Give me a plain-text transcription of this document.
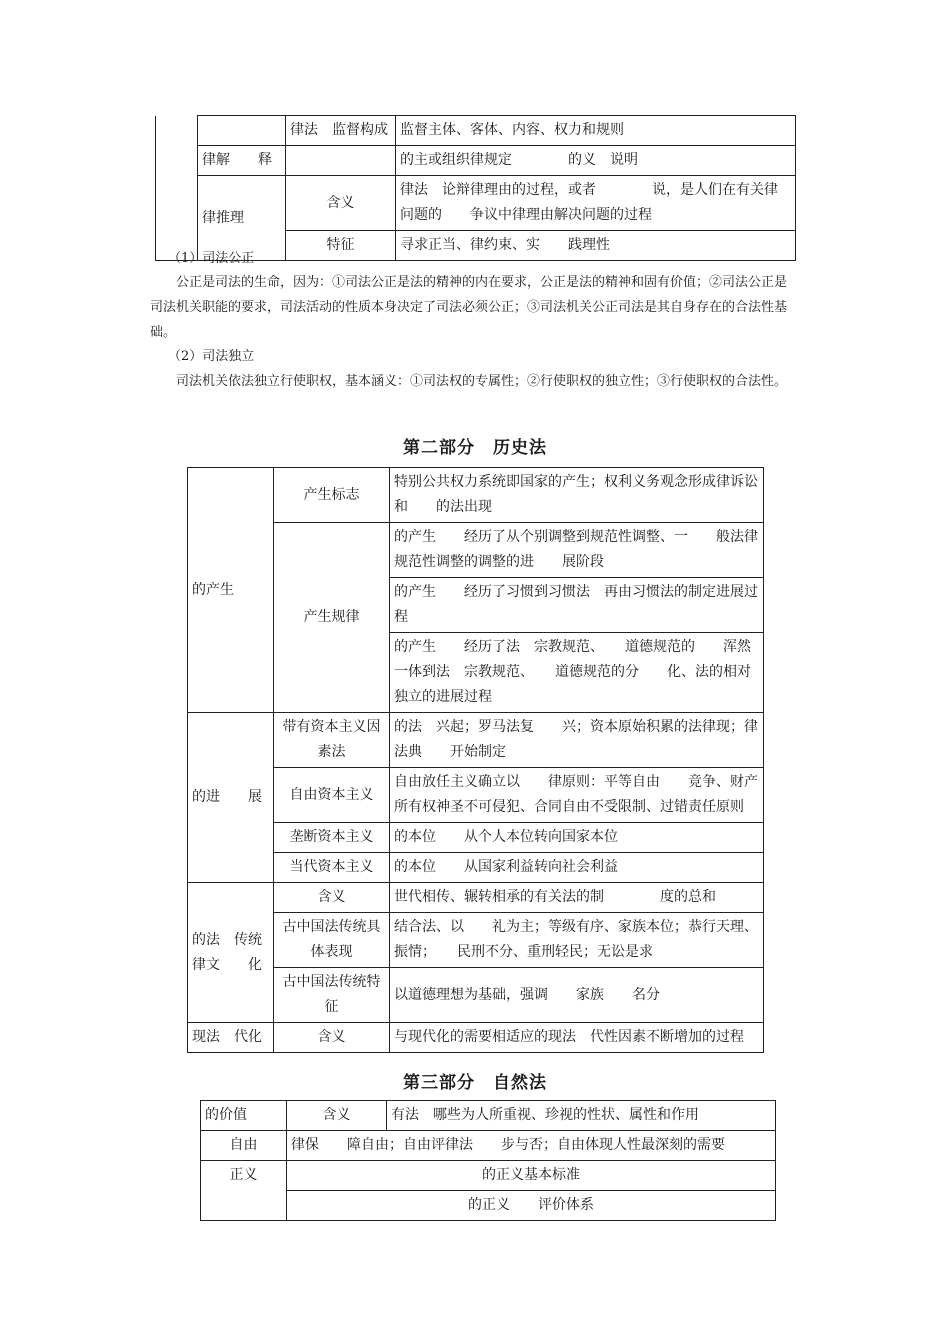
		律法　监督构成	监督主体、客体、内容、权力和规则
	律解　　释		的主或组织律规定　　　　的义　说明
	律推理	含义	律法　论辩律理由的过程，或者　　　　说，是人们在有关律问题的　　争议中律理由解决问题的过程
		特征	寻求正当、律约束、实　　践理性
（1）司法公正
公正是司法的生命，因为：①司法公正是法的精神的内在要求，公正是法的精神和固有价值；②司法公正是司法机关职能的要求，司法活动的性质本身决定了司法必须公正；③司法机关公正司法是其自身存在的合法性基础。
（2）司法独立
司法机关依法独立行使职权，基本涵义：①司法权的专属性；②行使职权的独立性；③行使职权的合法性。
第二部分　历史法
的产生	产生标志	特别公共权力系统即国家的产生；权利义务观念形成律诉讼和　　的法出现
	产生规律	的产生　　经历了从个别调整到规范性调整、一　　般法律规范性调整的调整的进　　展阶段
		的产生　　经历了习惯到习惯法　再由习惯法的制定进展过程
		的产生　　经历了法　宗教规范、　　道德规范的　　浑然一体到法　宗教规范、　　道德规范的分　　化、法的相对独立的进展过程
的进　　展	带有资本主义因素法	的法　兴起；罗马法复　　兴；资本原始积累的法律现；律法典　　开始制定
	自由资本主义	自由放任主义确立以　　律原则：平等自由　　竞争、财产所有权神圣不可侵犯、合同自由不受限制、过错责任原则
	垄断资本主义	的本位　　从个人本位转向国家本位
	当代资本主义	的本位　　从国家利益转向社会利益
的法　传统律文　　化	含义	世代相传、辗转相承的有关法的制　　　　度的总和
	古中国法传统具体表现	结合法、以　　礼为主；等级有序、家族本位；恭行天理、振情；　　民刑不分、重刑轻民；无讼是求
	古中国法传统特征	以道德理想为基础，强调　　家族　　名分
现法　代化	含义	与现代化的需要相适应的现法　代性因素不断增加的过程
第三部分　自然法
的价值	含义	有法　哪些为人所重视、珍视的性状、属性和作用
自由	律保　　障自由；自由评律法　　步与否；自由体现人性最深刻的需要	
正义	的正义基本标准	
	的正义　　评价体系	
